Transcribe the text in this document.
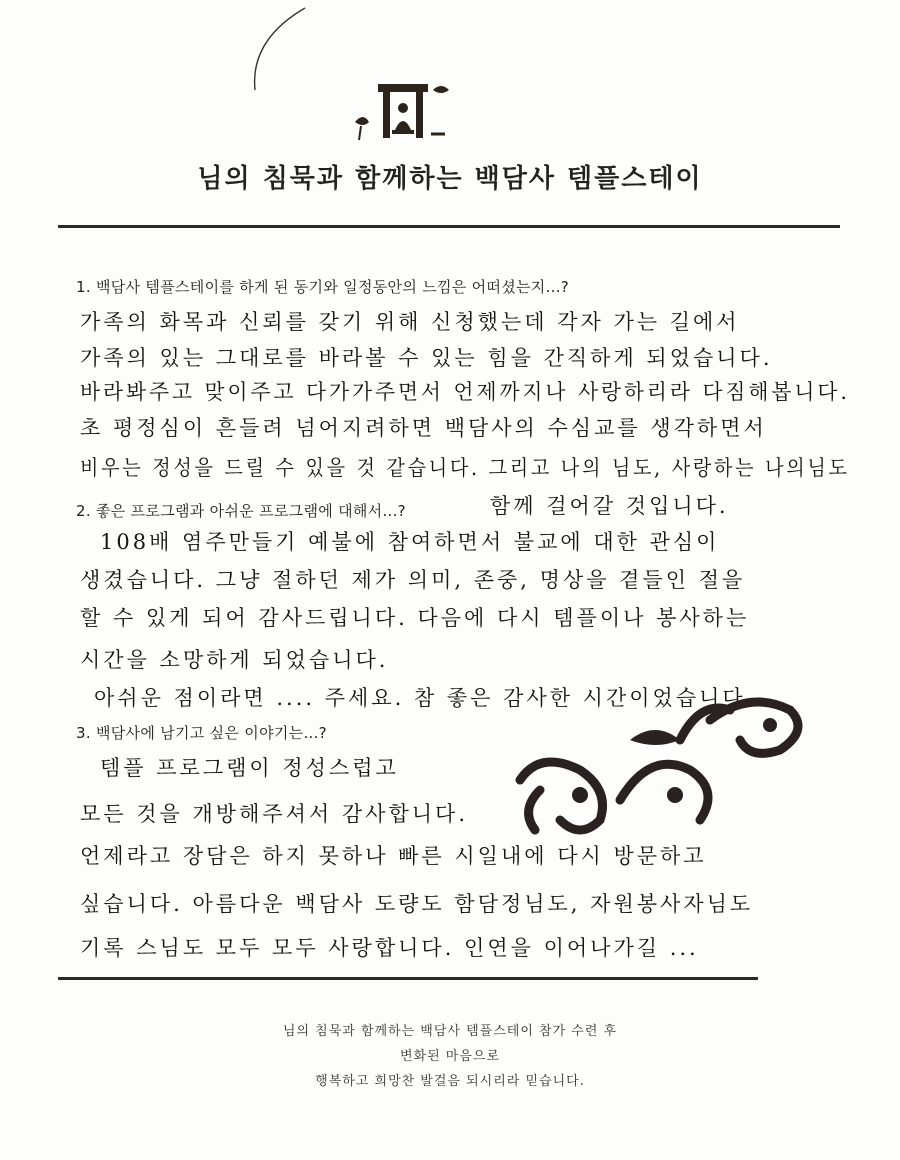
님의 침묵과 함께하는 백담사 템플스테이
1. 백담사 템플스테이를 하게 된 동기와 일정동안의 느낌은 어떠셨는지...?
가족의 화목과 신뢰를 갖기 위해 신청했는데 각자 가는 길에서
가족의 있는 그대로를 바라볼 수 있는 힘을 간직하게 되었습니다.
바라봐주고 맞이주고 다가가주면서 언제까지나 사랑하리라 다짐해봅니다.
초 평정심이 흔들려 넘어지려하면 백담사의 수심교를 생각하면서
비우는 정성을 드릴 수 있을 것 같습니다. 그리고 나의 님도, 사랑하는 나의님도
함께 걸어갈 것입니다.
2. 좋은 프로그램과 아쉬운 프로그램에 대해서...?
108배 염주만들기 예불에 참여하면서 불교에 대한 관심이
생겼습니다. 그냥 절하던 제가 의미, 존중, 명상을 곁들인 절을
할 수 있게 되어 감사드립니다. 다음에 다시 템플이나 봉사하는
시간을 소망하게 되었습니다.
아쉬운 점이라면 .... 주세요. 참 좋은 감사한 시간이었습니다.
3. 백담사에 남기고 싶은 이야기는...?
템플 프로그램이 정성스럽고
모든 것을 개방해주셔서 감사합니다.
언제라고 장담은 하지 못하나 빠른 시일내에 다시 방문하고
싶습니다. 아름다운 백담사 도량도 함담정님도, 자원봉사자님도
기록 스님도 모두 모두 사랑합니다. 인연을 이어나가길 ...
님의 침묵과 함께하는 백담사 템플스테이 참가 수련 후
변화된 마음으로
행복하고 희망찬 발걸음 되시리라 믿습니다.
